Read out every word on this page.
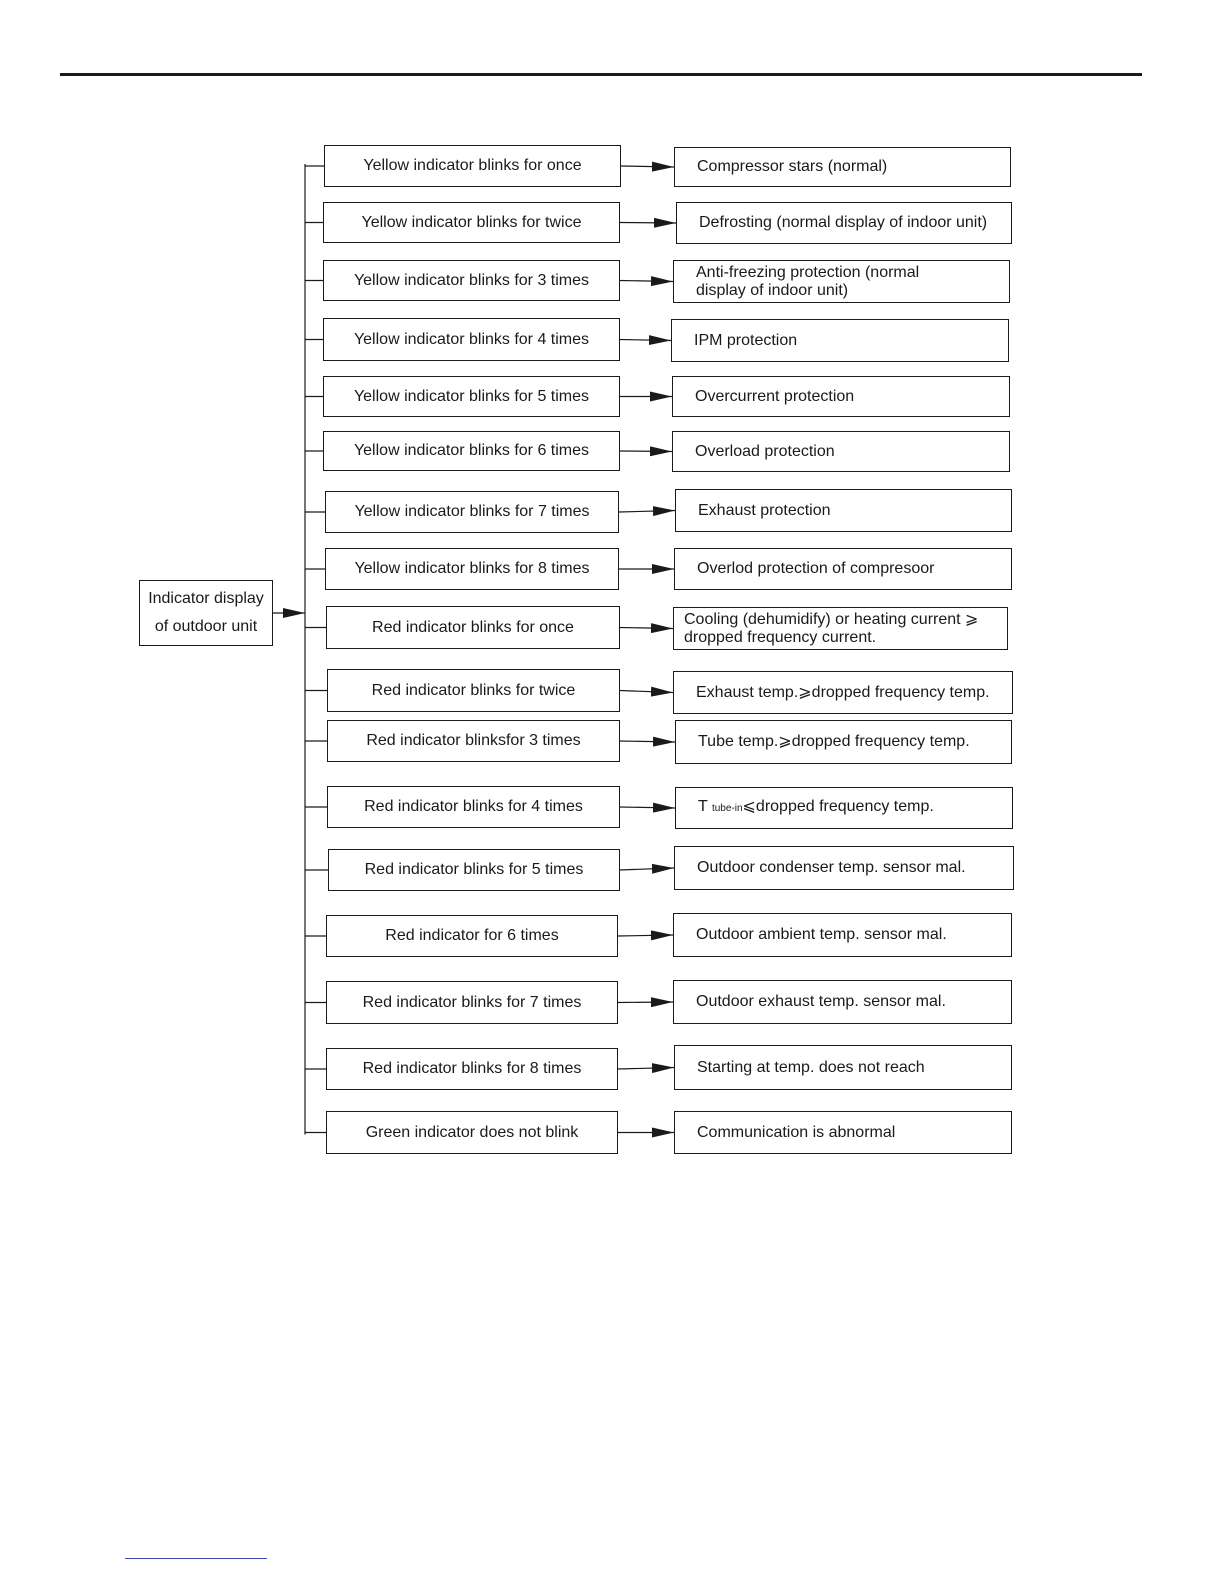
Indicator display
of outdoor unit
Yellow indicator blinks for once	Compressor stars (normal)
Yellow indicator blinks for twice	Defrosting (normal display of indoor unit)
Yellow indicator blinks for 3 times	Anti-freezing protection (normal
display of indoor unit)
Yellow indicator blinks for 4 times	IPM protection
Yellow indicator blinks for 5 times	Overcurrent protection
Yellow indicator blinks for 6 times	Overload protection
Yellow indicator blinks for 7 times	Exhaust protection
Yellow indicator blinks for 8 times	Overlod protection of compresoor
Red indicator blinks for once	Cooling (dehumidify) or heating current ⩾
dropped frequency current.
Red indicator blinks for twice	Exhaust temp.⩾dropped frequency temp.
Red indicator blinksfor 3 times	Tube temp.⩾dropped frequency temp.
Red indicator blinks for 4 times	T tube-in⩽dropped frequency temp.
Red indicator blinks for 5 times	Outdoor condenser temp. sensor mal.
Red indicator for 6 times	Outdoor ambient temp. sensor mal.
Red indicator blinks for 7 times	Outdoor exhaust temp. sensor mal.
Red indicator blinks for 8 times	Starting at temp. does not reach
Green indicator does not blink	Communication is abnormal
